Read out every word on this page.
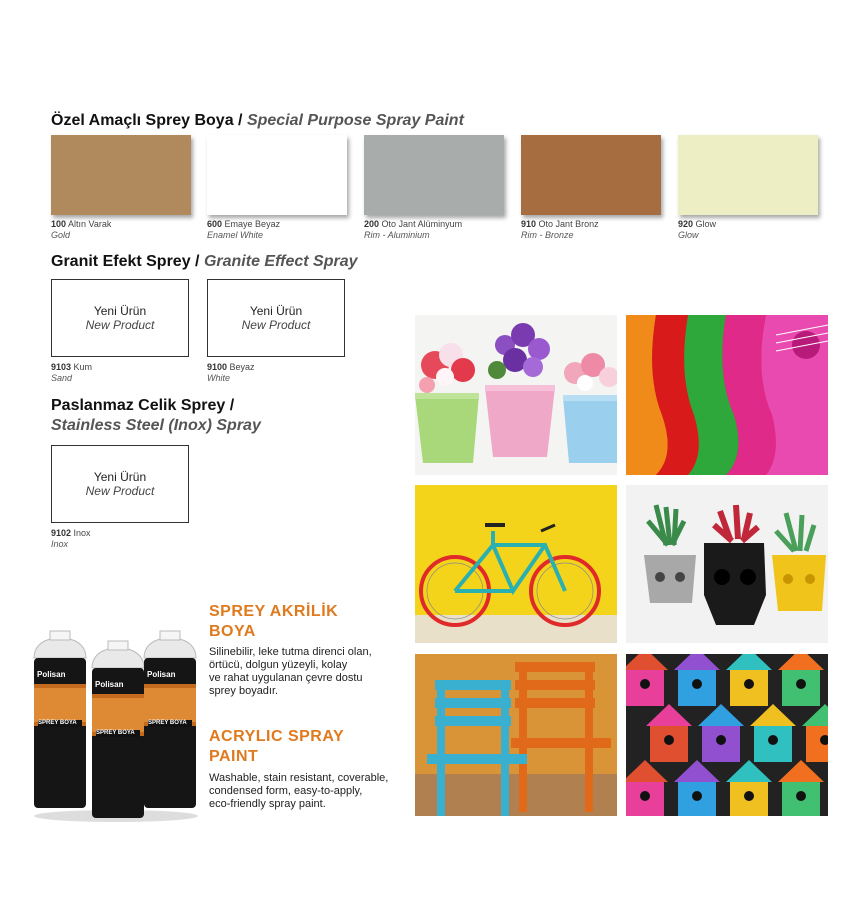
Özel Amaçlı Sprey Boya / Special Purpose Spray Paint
100 Altın Varak
Gold
600 Emaye Beyaz
Enamel White
200 Oto Jant Alüminyum
Rim - Aluminium
910 Oto Jant Bronz
Rim - Bronze
920 Glow
Glow
Granit Efekt Sprey / Granite Effect Spray
Yeni Ürün
New Product
9103 Kum
Sand
Yeni Ürün
New Product
9100 Beyaz
White
Paslanmaz Celik Sprey /
Stainless Steel (Inox) Spray
Yeni Ürün
New Product
9102 Inox
Inox
Polisan
Polisan
Polisan
SPREY BOYA
SPREY BOYA
SPREY BOYA
SPREY AKRİLİK
BOYA
Silinebilir, leke tutma direnci olan,
örtücü, dolgun yüzeyli, kolay
ve rahat uygulanan çevre dostu
sprey boyadır.
ACRYLIC SPRAY
PAINT
Washable, stain resistant, coverable,
condensed form, easy-to-apply,
eco-friendly spray paint.
